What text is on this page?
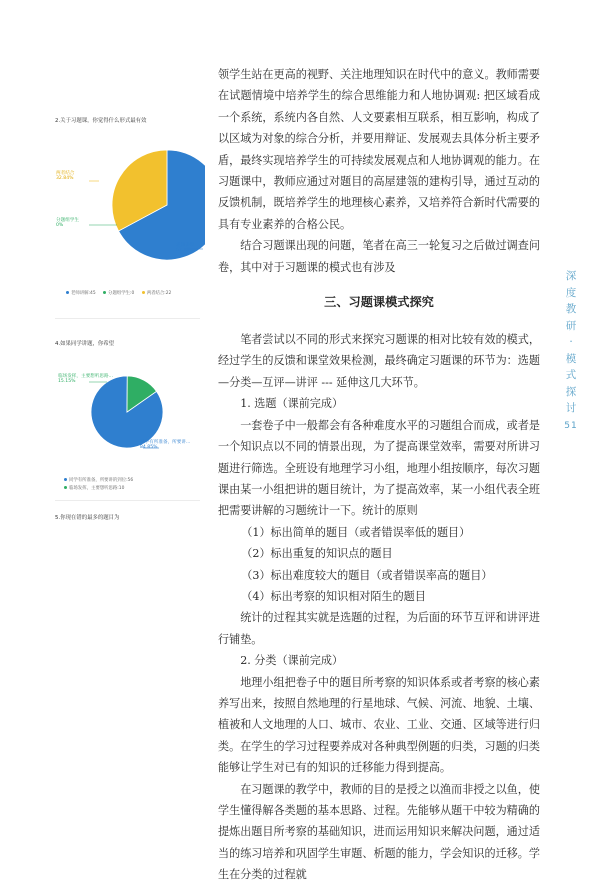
2.关于习题课，你觉得什么形式最有效
两者结合
32.84%
分题组学生
0%
老师讲解
67.16%
老师讲解:45	分题组学生:0	两者结合:22
4.如果同学讲题，你希望
临场发挥，主要想听思路...
15.15%
同学有所准备，所要讲...
84.85%
同学有所准备，所要讲的到位:56
临场发挥，主要想听思路:10
5.你现在错的最多的题目为

领学生站在更高的视野、关注地理知识在时代中的意义。教师需要在试题情境中培养学生的综合思维能力和人地协调观: 把区域看成一个系统，系统内各自然、人文要素相互联系，相互影响，构成了以区域为对象的综合分析，并要用辩证、发展观去具体分析主要矛盾，最终实现培养学生的可持续发展观点和人地协调观的能力。在习题课中，教师应通过对题目的高屋建瓴的建构引导，通过互动的反馈机制，既培养学生的地理核心素养，又培养符合新时代需要的具有专业素养的合格公民。

结合习题课出现的问题，笔者在高三一轮复习之后做过调查问卷，其中对于习题课的模式也有涉及

三、习题课模式探究

笔者尝试以不同的形式来探究习题课的相对比较有效的模式，经过学生的反馈和课堂效果检测，最终确定习题课的环节为：选题—分类—互评—讲评 --- 延伸这几大环节。

1. 选题（课前完成）

一套卷子中一般都会有各种难度水平的习题组合而成，或者是一个知识点以不同的情景出现，为了提高课堂效率，需要对所讲习题进行筛选。全班设有地理学习小组，地理小组按顺序，每次习题课由某一小组把讲的题目统计，为了提高效率，某一小组代表全班把需要讲解的习题统计一下。统计的原则

（1）标出简单的题目（或者错误率低的题目）

（2）标出重复的知识点的题目

（3）标出难度较大的题目（或者错误率高的题目）

（4）标出考察的知识相对陌生的题目

统计的过程其实就是选题的过程，为后面的环节互评和讲评进行铺垫。

2. 分类（课前完成）

地理小组把卷子中的题目所考察的知识体系或者考察的核心素养写出来，按照自然地理的行星地球、气候、河流、地貌、土壤、植被和人文地理的人口、城市、农业、工业、交通、区域等进行归类。在学生的学习过程要养成对各种典型例题的归类，习题的归类能够让学生对已有的知识的迁移能力得到提高。

在习题课的教学中，教师的目的是授之以渔而非授之以鱼，使学生懂得解各类题的基本思路、过程。先能够从题干中较为精确的提炼出题目所考察的基础知识，进而运用知识来解决问题，通过适当的练习培养和巩固学生审题、析题的能力，学会知识的迁移。学生在分类的过程就

深
度
教
研
·
模
式
探
讨
51
